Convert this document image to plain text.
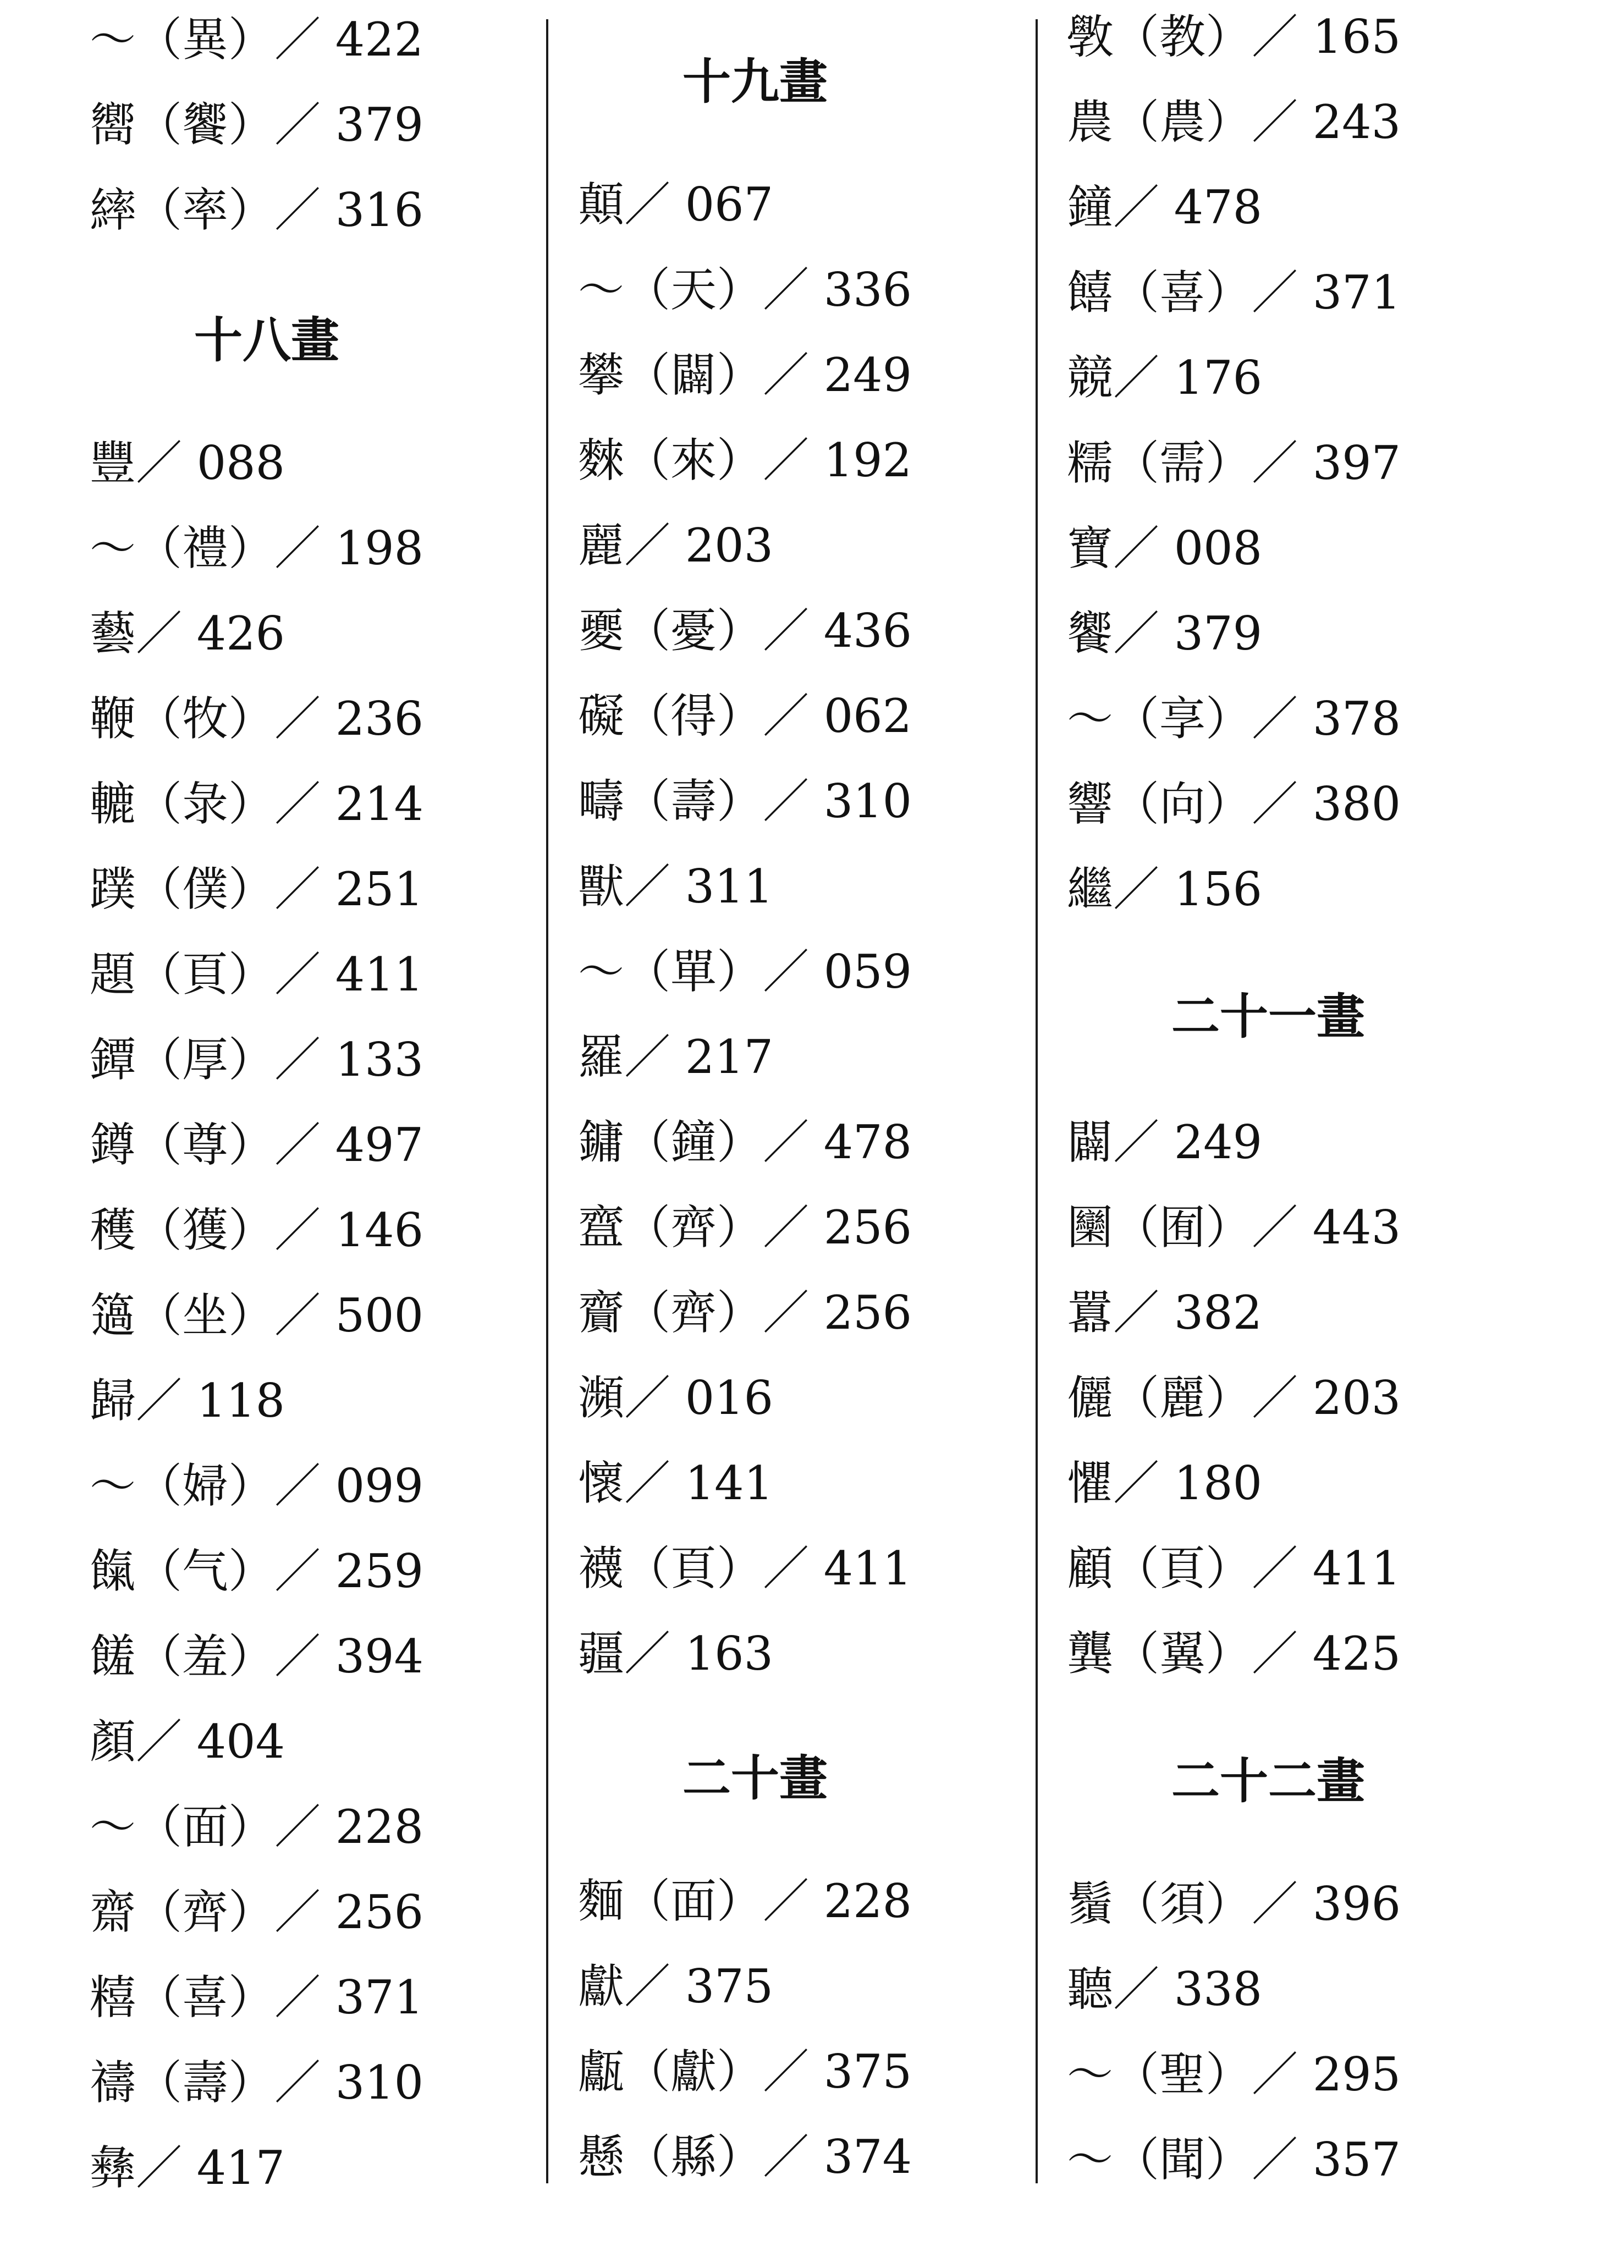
～（異）／ 422
嚮（饗）／ 379
繂（率）／ 316
十八畫
豐／ 088
～（禮）／ 198
藝／ 426
鞭（牧）／ 236
轆（彔）／ 214
蹼（僕）／ 251
題（頁）／ 411
鐔（厚）／ 133
鐏（尊）／ 497
穫（獲）／ 146
簻（坐）／ 500
歸／ 118
～（婦）／ 099
餼（气）／ 259
饈（羞）／ 394
顏／ 404
～（面）／ 228
齋（齊）／ 256
糦（喜）／ 371
禱（壽）／ 310
彝／ 417
十九畫
顛／ 067
～（天）／ 336
攀（闢）／ 249
麳（來）／ 192
麗／ 203
夒（憂）／ 436
礙（得）／ 062
疇（壽）／ 310
獸／ 311
～（單）／ 059
羅／ 217
鏞（鐘）／ 478
齍（齊）／ 256
齎（齊）／ 256
瀕／ 016
懷／ 141
襪（頁）／ 411
疆／ 163
二十畫
麵（面）／ 228
獻／ 375
甗（獻）／ 375
懸（縣）／ 374
斆（教）／ 165
農（農）／ 243
鐘／ 478
饎（喜）／ 371
競／ 176
糯（需）／ 397
寶／ 008
饗／ 379
～（享）／ 378
響（向）／ 380
繼／ 156
二十一畫
闢／ 249
圞（囿）／ 443
囂／ 382
儷（麗）／ 203
懼／ 180
顧（頁）／ 411
龔（翼）／ 425
二十二畫
鬚（須）／ 396
聽／ 338
～（聖）／ 295
～（聞）／ 357
